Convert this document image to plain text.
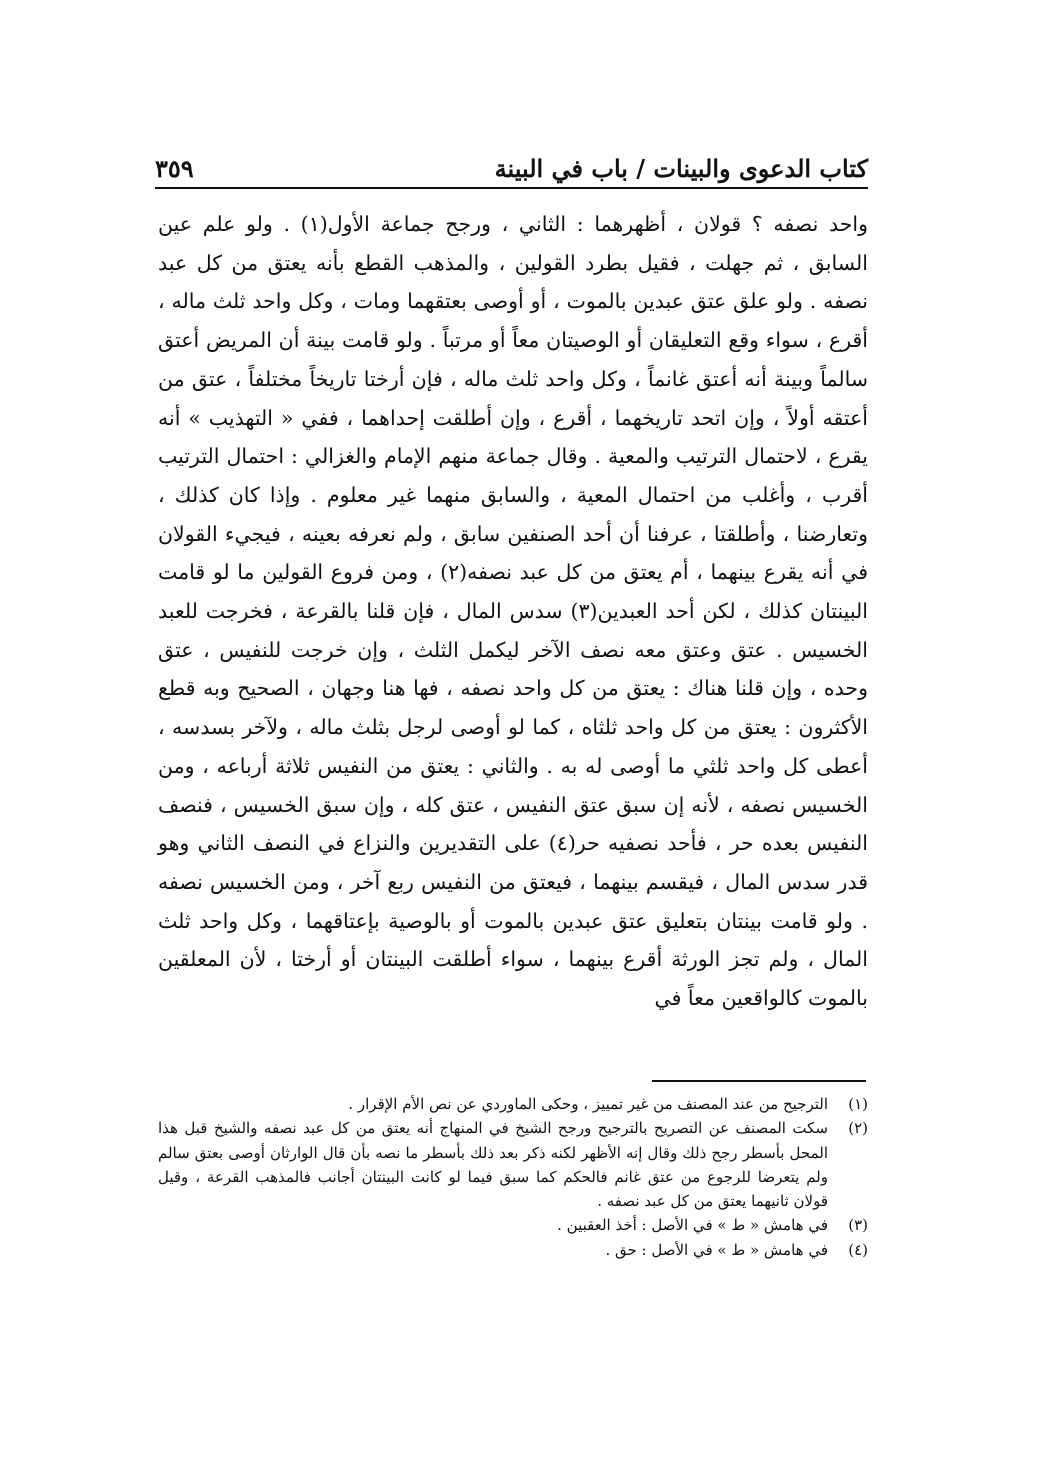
٣٥٩	كتاب الدعوى والبينات / باب في البينة

واحد نصفه ؟ قولان ، أظهرهما : الثاني ، ورجح جماعة الأول(١) . ولو علم عين السابق ، ثم جهلت ، فقيل بطرد القولين ، والمذهب القطع بأنه يعتق من كل عبد نصفه . ولو علق عتق عبدين بالموت ، أو أوصى بعتقهما ومات ، وكل واحد ثلث ماله ، أقرع ، سواء وقع التعليقان أو الوصيتان معاً أو مرتباً . ولو قامت بينة أن المريض أعتق سالماً وبينة أنه أعتق غانماً ، وكل واحد ثلث ماله ، فإن أرختا تاريخاً مختلفاً ، عتق من أعتقه أولاً ، وإن اتحد تاريخهما ، أقرع ، وإن أطلقت إحداهما ، ففي « التهذيب » أنه يقرع ، لاحتمال الترتيب والمعية . وقال جماعة منهم الإمام والغزالي : احتمال الترتيب أقرب ، وأغلب من احتمال المعية ، والسابق منهما غير معلوم . وإذا كان كذلك ، وتعارضنا ، وأطلقتا ، عرفنا أن أحد الصنفين سابق ، ولم نعرفه بعينه ، فيجيء القولان في أنه يقرع بينهما ، أم يعتق من كل عبد نصفه(٢) ، ومن فروع القولين ما لو قامت البينتان كذلك ، لكن أحد العبدين(٣) سدس المال ، فإن قلنا بالقرعة ، فخرجت للعبد الخسيس . عتق وعتق معه نصف الآخر ليكمل الثلث ، وإن خرجت للنفيس ، عتق وحده ، وإن قلنا هناك : يعتق من كل واحد نصفه ، فها هنا وجهان ، الصحيح وبه قطع الأكثرون : يعتق من كل واحد ثلثاه ، كما لو أوصى لرجل بثلث ماله ، ولآخر بسدسه ، أعطى كل واحد ثلثي ما أوصى له به . والثاني : يعتق من النفيس ثلاثة أرباعه ، ومن الخسيس نصفه ، لأنه إن سبق عتق النفيس ، عتق كله ، وإن سبق الخسيس ، فنصف النفيس بعده حر ، فأحد نصفيه حر(٤) على التقديرين والنزاع في النصف الثاني وهو قدر سدس المال ، فيقسم بينهما ، فيعتق من النفيس ربع آخر ، ومن الخسيس نصفه . ولو قامت بينتان بتعليق عتق عبدين بالموت أو بالوصية بإعتاقهما ، وكل واحد ثلث المال ، ولم تجز الورثة أقرع بينهما ، سواء أطلقت البينتان أو أرختا ، لأن المعلقين بالموت كالواقعين معاً في

(١)
الترجيح من عند المصنف من غير تمييز ، وحكى الماوردي عن نص الأم الإقرار .
(٢)
سكت المصنف عن التصريح بالترجيح ورجح الشيخ في المنهاج أنه يعتق من كل عبد نصفه والشيخ قبل هذا المحل بأسطر رجح ذلك وقال إنه الأظهر لكنه ذكر بعد ذلك بأسطر ما نصه بأن قال الوارثان أوصى بعتق سالم ولم يتعرضا للرجوع من عتق غانم فالحكم كما سبق فيما لو كانت البينتان أجانب فالمذهب القرعة ، وقيل قولان ثانيهما يعتق من كل عبد نصفه .
(٣)
في هامش « ط » في الأصل : أخذ العقبين .
(٤)
في هامش « ط » في الأصل : حق .
